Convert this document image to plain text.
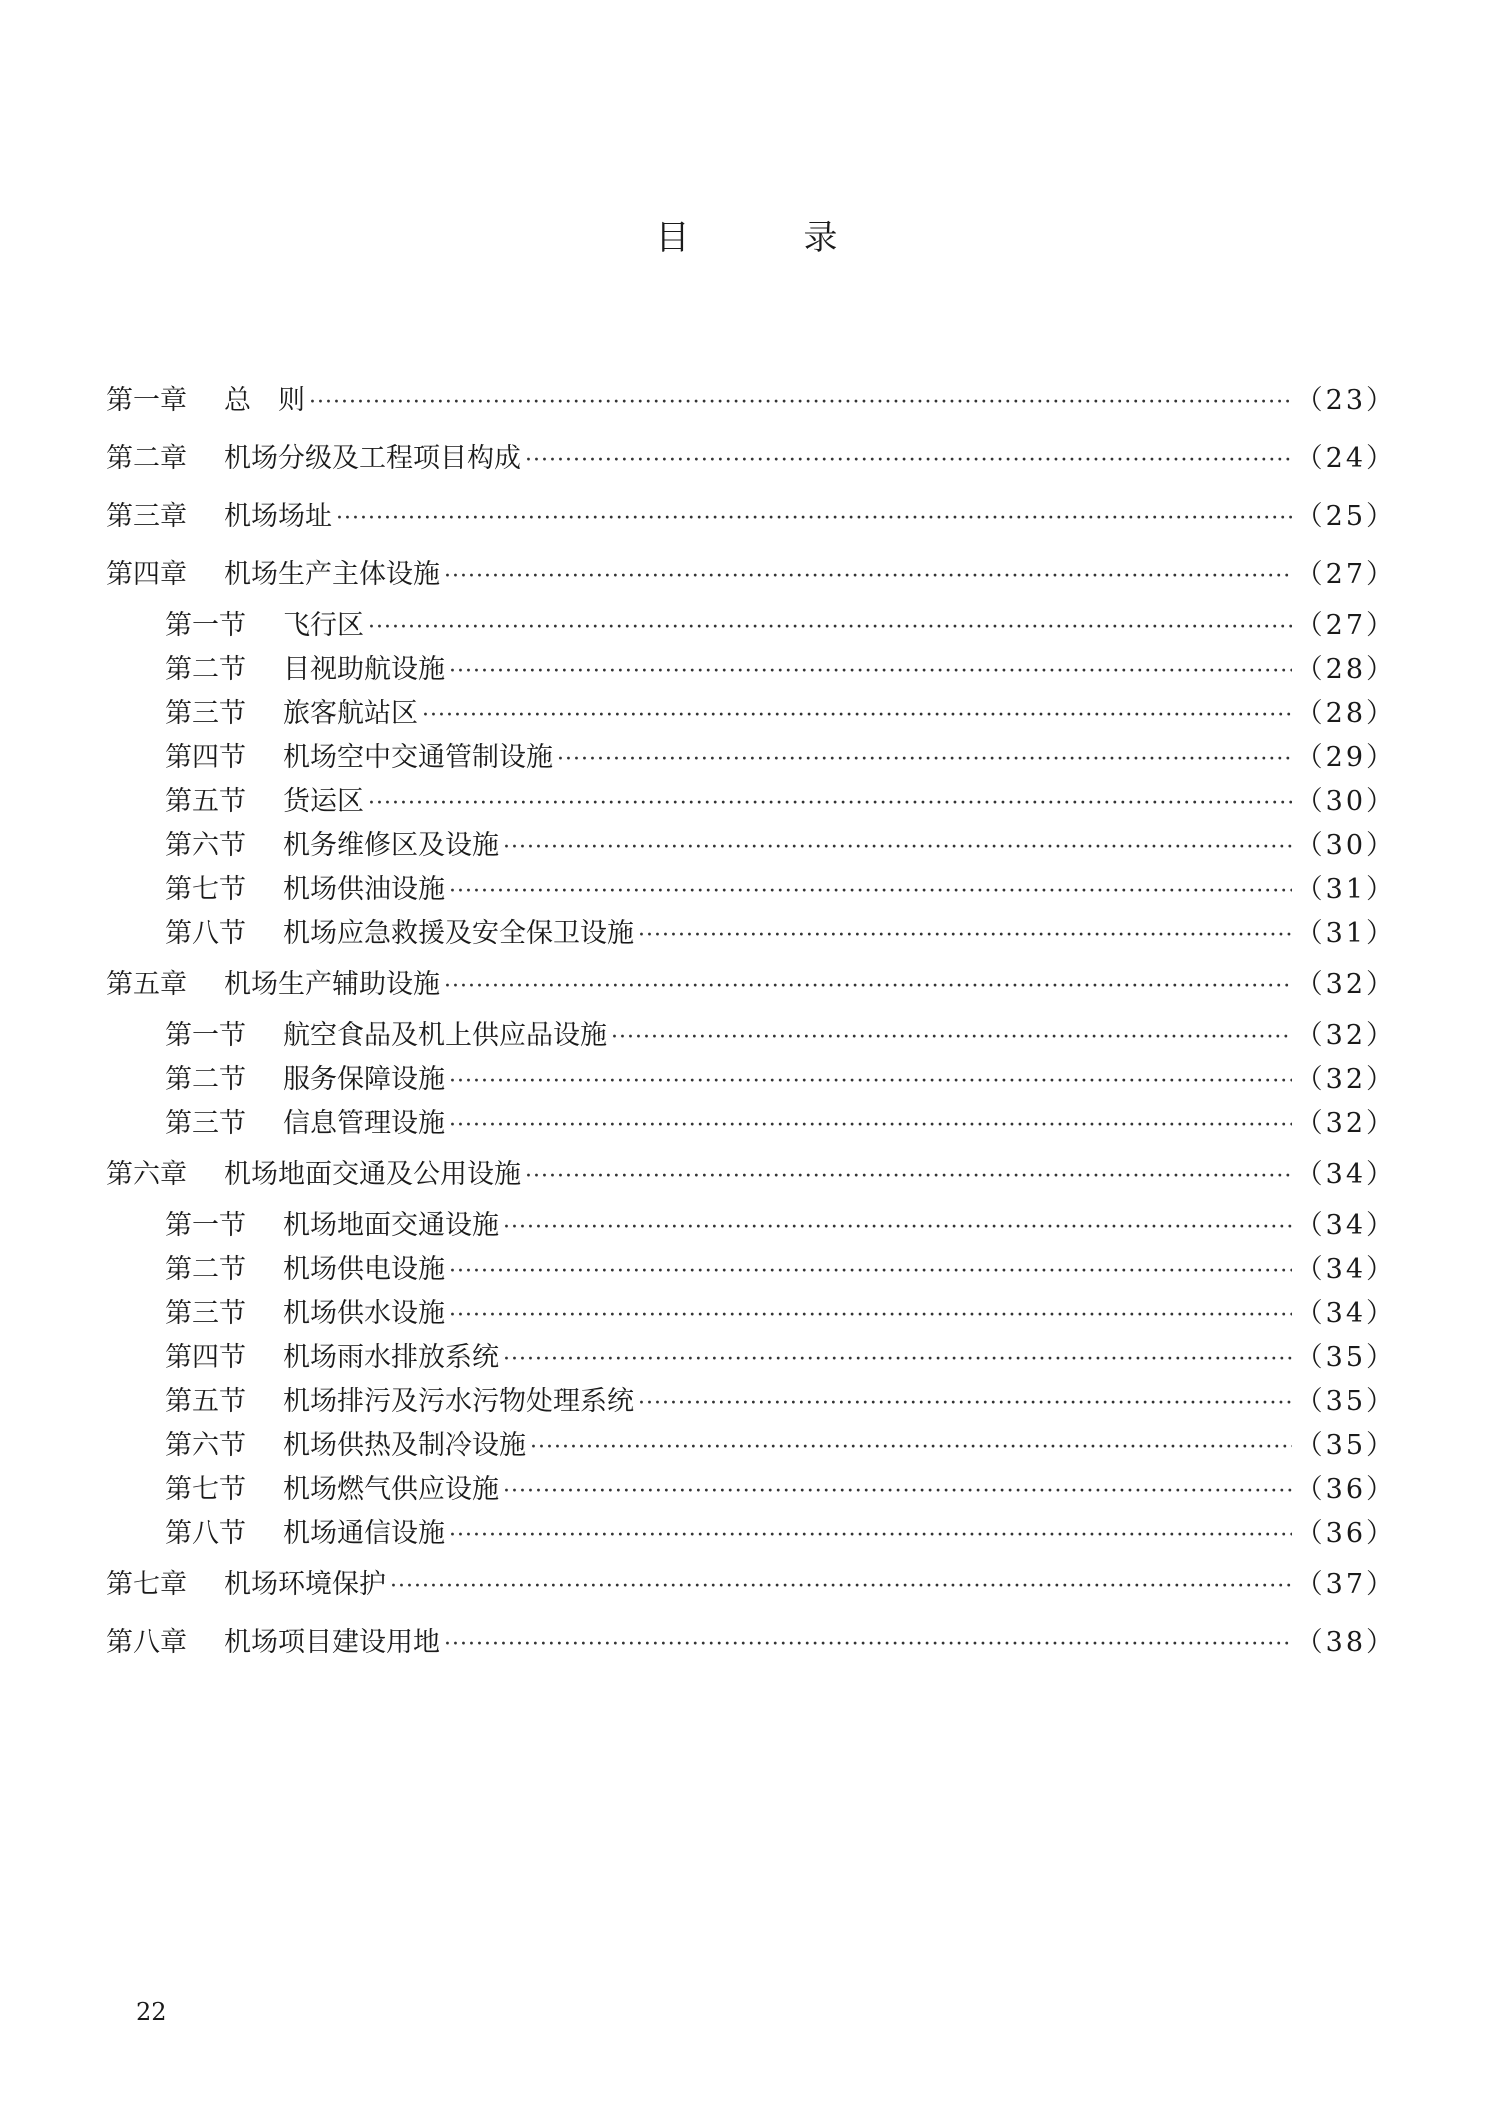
目　录
第一章	总　则 ·····	（23）
第二章	机场分级及工程项目构成 ·····	（24）
第三章	机场场址 ·····	（25）
第四章	机场生产主体设施 ·····	（27）
第一节	飞行区 ·····	（27）
第二节	目视助航设施 ·····	（28）
第三节	旅客航站区 ·····	（28）
第四节	机场空中交通管制设施 ·····	（29）
第五节	货运区 ·····	（30）
第六节	机务维修区及设施 ·····	（30）
第七节	机场供油设施 ·····	（31）
第八节	机场应急救援及安全保卫设施 ·····	（31）
第五章	机场生产辅助设施 ·····	（32）
第一节	航空食品及机上供应品设施 ·····	（32）
第二节	服务保障设施 ·····	（32）
第三节	信息管理设施 ·····	（32）
第六章	机场地面交通及公用设施 ·····	（34）
第一节	机场地面交通设施 ·····	（34）
第二节	机场供电设施 ·····	（34）
第三节	机场供水设施 ·····	（34）
第四节	机场雨水排放系统 ·····	（35）
第五节	机场排污及污水污物处理系统 ·····	（35）
第六节	机场供热及制冷设施 ·····	（35）
第七节	机场燃气供应设施 ·····	（36）
第八节	机场通信设施 ·····	（36）
第七章	机场环境保护 ·····	（37）
第八章	机场项目建设用地 ·····	（38）
22
